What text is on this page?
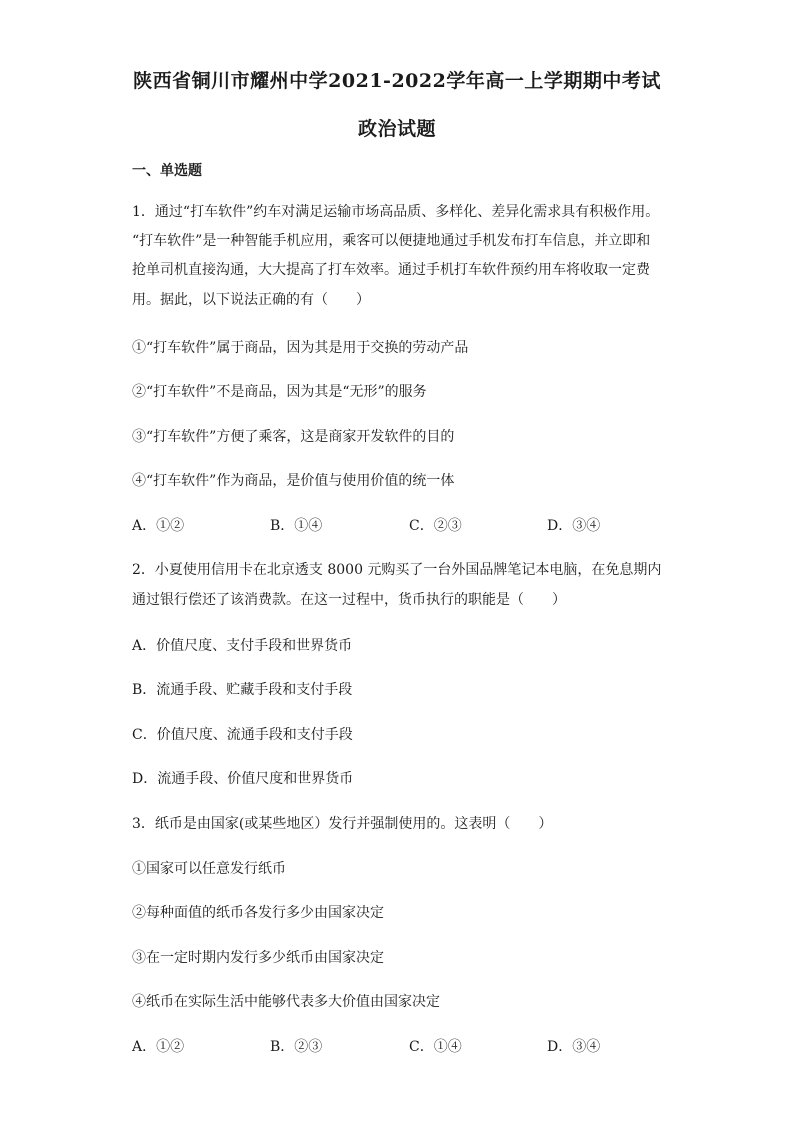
陕西省铜川市耀州中学2021-2022学年高一上学期期中考试
政治试题
一、单选题
1．通过“打车软件”约车对满足运输市场高品质、多样化、差异化需求具有积极作用。
“打车软件”是一种智能手机应用，乘客可以便捷地通过手机发布打车信息，并立即和
抢单司机直接沟通，大大提高了打车效率。通过手机打车软件预约用车将收取一定费
用。据此，以下说法正确的有（　　）
①“打车软件”属于商品，因为其是用于交换的劳动产品
②“打车软件”不是商品，因为其是“无形”的服务
③“打车软件”方便了乘客，这是商家开发软件的目的
④“打车软件”作为商品，是价值与使用价值的统一体
A．①②	B．①④	C．②③	D．③④
2．小夏使用信用卡在北京透支 8000 元购买了一台外国品牌笔记本电脑，在免息期内
通过银行偿还了该消费款。在这一过程中，货币执行的职能是（　　）
A．价值尺度、支付手段和世界货币
B．流通手段、贮藏手段和支付手段
C．价值尺度、流通手段和支付手段
D．流通手段、价值尺度和世界货币
3．纸币是由国家(或某些地区）发行并强制使用的。这表明（　　）
①国家可以任意发行纸币
②每种面值的纸币各发行多少由国家决定
③在一定时期内发行多少纸币由国家决定
④纸币在实际生活中能够代表多大价值由国家决定
A．①②	B．②③	C．①④	D．③④
